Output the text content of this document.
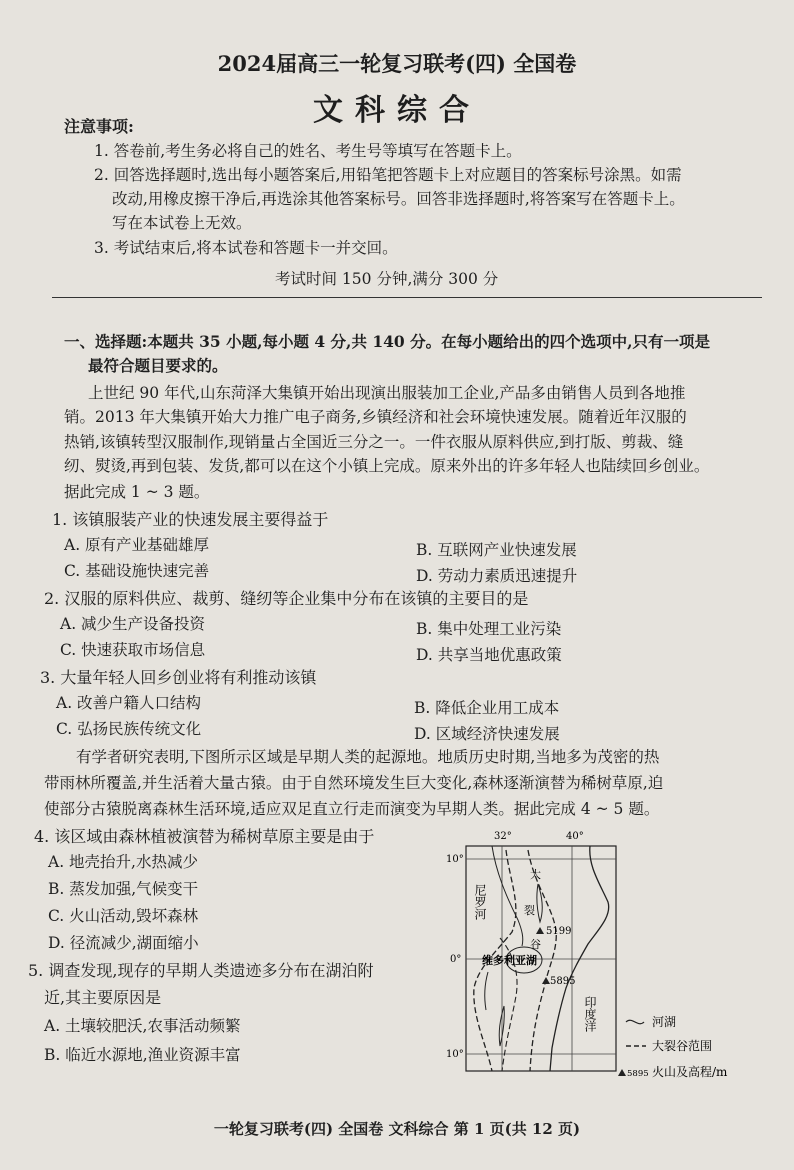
2024届高三一轮复习联考(四) 全国卷
文科综合
注意事项:
1. 答卷前,考生务必将自己的姓名、考生号等填写在答题卡上。
2. 回答选择题时,选出每小题答案后,用铅笔把答题卡上对应题目的答案标号涂黑。如需
改动,用橡皮擦干净后,再选涂其他答案标号。回答非选择题时,将答案写在答题卡上。
写在本试卷上无效。
3. 考试结束后,将本试卷和答题卡一并交回。
考试时间 150 分钟,满分 300 分
一、选择题:本题共 35 小题,每小题 4 分,共 140 分。在每小题给出的四个选项中,只有一项是
最符合题目要求的。
上世纪 90 年代,山东菏泽大集镇开始出现演出服装加工企业,产品多由销售人员到各地推
销。2013 年大集镇开始大力推广电子商务,乡镇经济和社会环境快速发展。随着近年汉服的
热销,该镇转型汉服制作,现销量占全国近三分之一。一件衣服从原料供应,到打版、剪裁、缝
纫、熨烫,再到包装、发货,都可以在这个小镇上完成。原来外出的许多年轻人也陆续回乡创业。
据此完成 1 ~ 3 题。
1. 该镇服装产业的快速发展主要得益于
A. 原有产业基础雄厚	B. 互联网产业快速发展
C. 基础设施快速完善	D. 劳动力素质迅速提升
2. 汉服的原料供应、裁剪、缝纫等企业集中分布在该镇的主要目的是
A. 减少生产设备投资	B. 集中处理工业污染
C. 快速获取市场信息	D. 共享当地优惠政策
3. 大量年轻人回乡创业将有利推动该镇
A. 改善户籍人口结构	B. 降低企业用工成本
C. 弘扬民族传统文化	D. 区域经济快速发展
有学者研究表明,下图所示区域是早期人类的起源地。地质历史时期,当地多为茂密的热
带雨林所覆盖,并生活着大量古猿。由于自然环境发生巨大变化,森林逐渐演替为稀树草原,迫
使部分古猿脱离森林生活环境,适应双足直立行走而演变为早期人类。据此完成 4 ~ 5 题。
4. 该区域由森林植被演替为稀树草原主要是由于
A. 地壳抬升,水热减少
B. 蒸发加强,气候变干
C. 火山活动,毁坏森林
D. 径流减少,湖面缩小
5. 调查发现,现存的早期人类遗迹多分布在湖泊附
近,其主要原因是
A. 土壤较肥沃,农事活动频繁
B. 临近水源地,渔业资源丰富
5199
5895
32°	40°
10°
0°
10°
尼罗河
大
裂
谷
维多利亚湖
印度洋	河湖
大裂谷范围
5895 火山及高程/m
一轮复习联考(四) 全国卷 文科综合 第 1 页(共 12 页)
